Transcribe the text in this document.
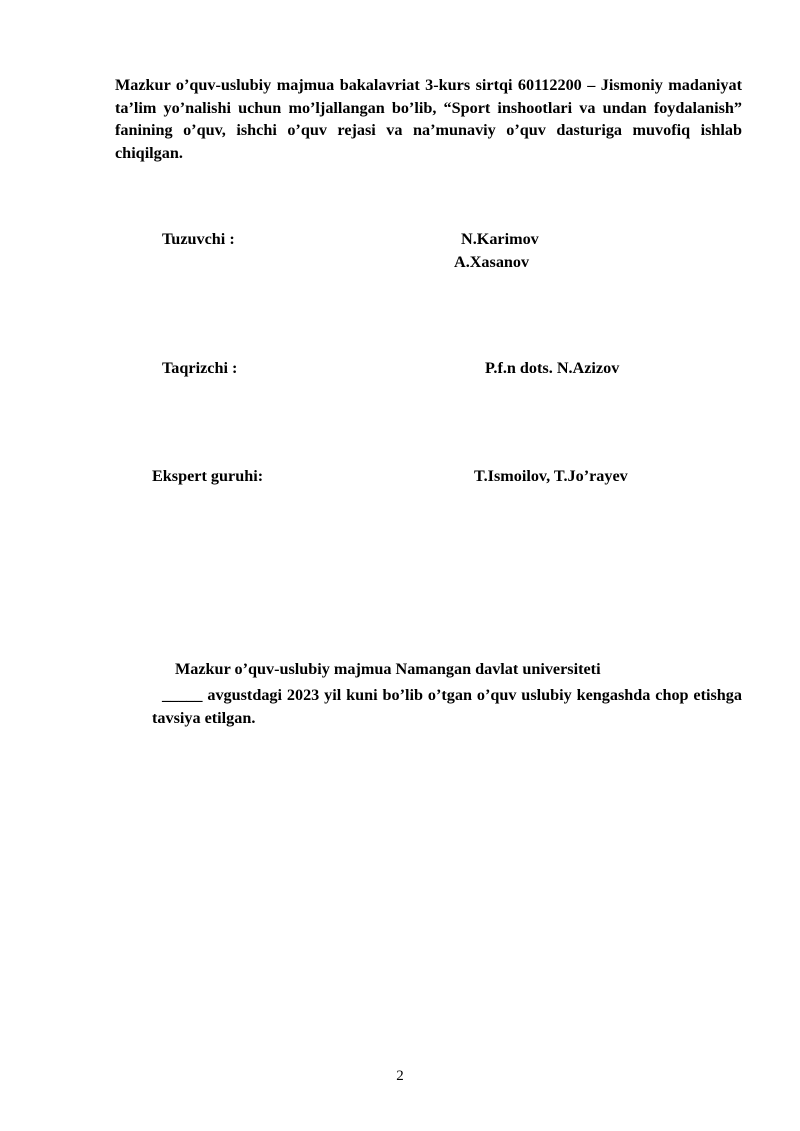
Mazkur o’quv-uslubiy majmua bakalavriat 3-kurs sirtqi 60112200 – Jismoniy madaniyat ta’lim yo’nalishi uchun mo’ljallangan bo’lib, “Sport inshootlari va undan foydalanish” fanining o’quv, ishchi o’quv rejasi va na’munaviy o’quv dasturiga muvofiq ishlab chiqilgan.

Tuzuvchi :	N.Karimov
A.Xasanov
Taqrizchi :	P.f.n dots. N.Azizov
Ekspert guruhi:	T.Ismoilov, T.Jo’rayev
Mazkur o’quv-uslubiy majmua Namangan davlat universiteti

_____ avgustdagi 2023 yil kuni bo’lib o’tgan o’quv uslubiy kengashda chop etishga tavsiya etilgan.

2
